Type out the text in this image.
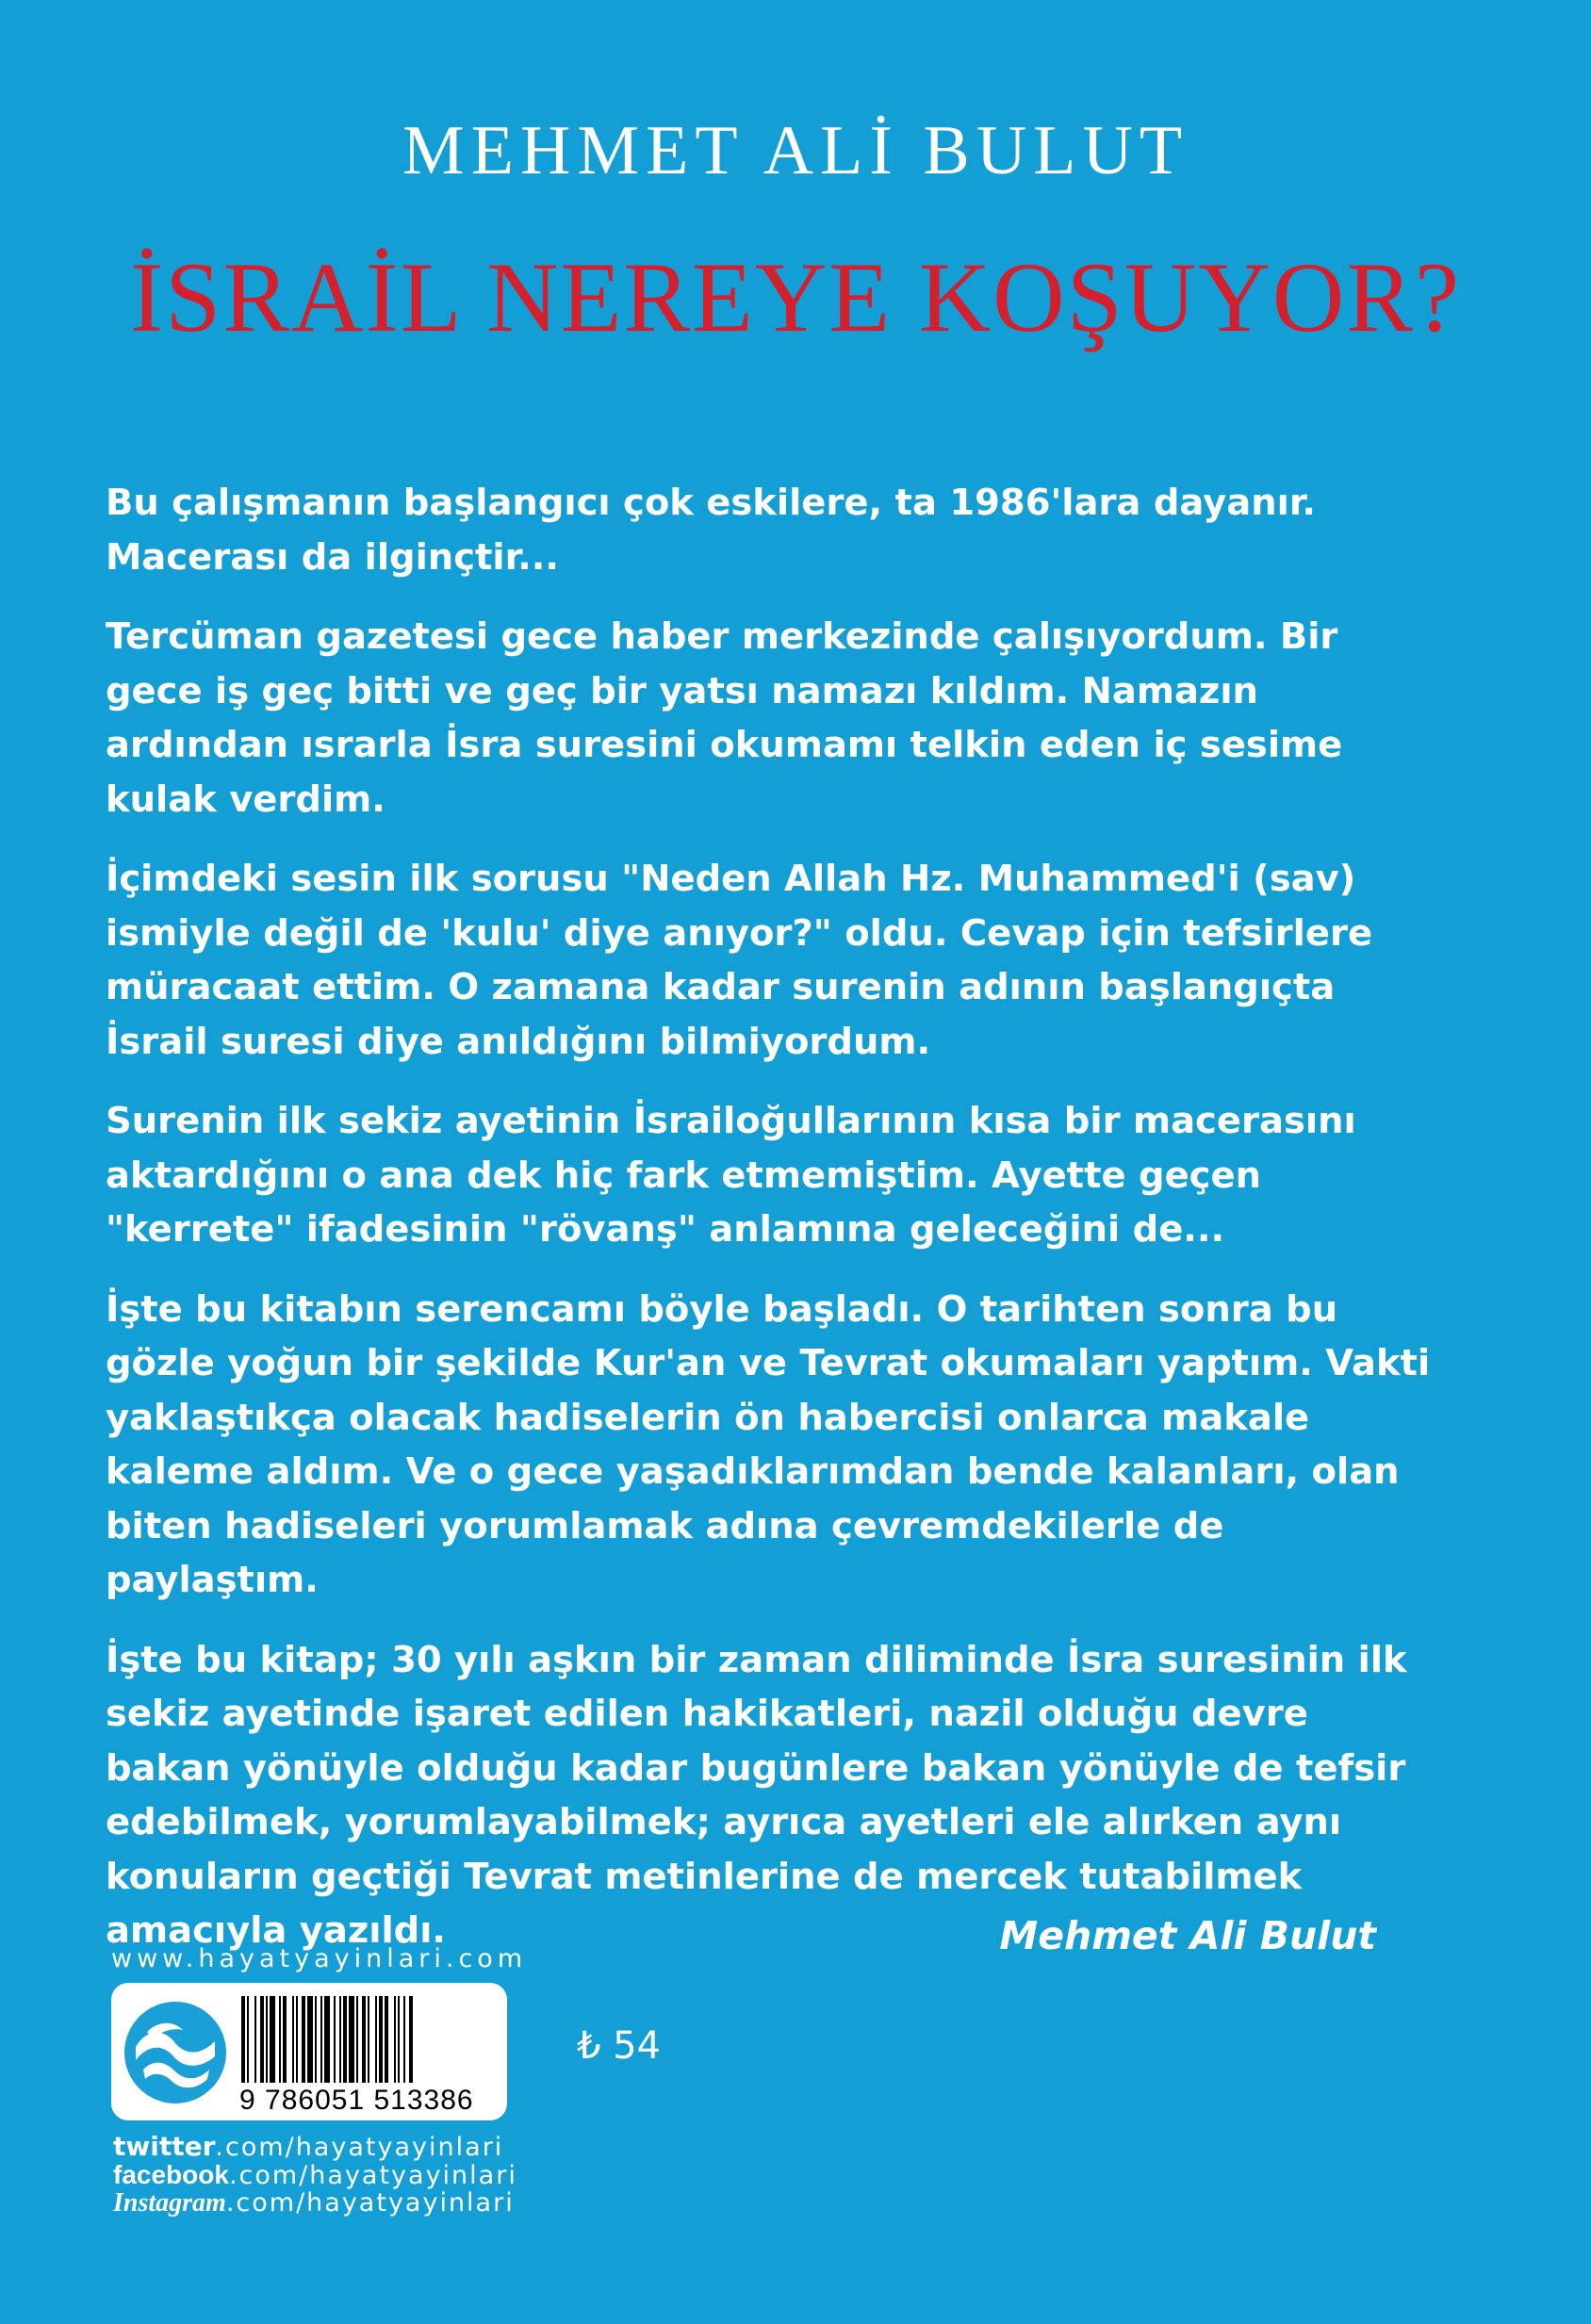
MEHMET ALİ BULUT
İSRAİL NEREYE KOŞUYOR?

Bu çalışmanın başlangıcı çok eskilere, ta 1986'lara dayanır. Macerası da ilginçtir...

Tercüman gazetesi gece haber merkezinde çalışıyordum. Bir gece iş geç bitti ve geç bir yatsı namazı kıldım. Namazın ardından ısrarla İsra suresini okumamı telkin eden iç sesime kulak verdim.

İçimdeki sesin ilk sorusu "Neden Allah Hz. Muhammed'i (sav) ismiyle değil de 'kulu' diye anıyor?" oldu. Cevap için tefsirlere müracaat ettim. O zamana kadar surenin adının başlangıçta İsrail suresi diye anıldığını bilmiyordum.

Surenin ilk sekiz ayetinin İsrailoğullarının kısa bir macerasını aktardığını o ana dek hiç fark etmemiştim. Ayette geçen "kerrete" ifadesinin "rövanş" anlamına geleceğini de...

İşte bu kitabın serencamı böyle başladı. O tarihten sonra bu gözle yoğun bir şekilde Kur'an ve Tevrat okumaları yaptım. Vakti yaklaştıkça olacak hadiselerin ön habercisi onlarca makale kaleme aldım. Ve o gece yaşadıklarımdan bende kalanları, olan biten hadiseleri yorumlamak adına çevremdekilerle de paylaştım.

İşte bu kitap; 30 yılı aşkın bir zaman diliminde İsra suresinin ilk sekiz ayetinde işaret edilen hakikatleri, nazil olduğu devre bakan yönüyle olduğu kadar bugünlere bakan yönüyle de tefsir edebilmek, yorumlayabilmek; ayrıca ayetleri ele alırken aynı konuların geçtiği Tevrat metinlerine de mercek tutabilmek amacıyla yazıldı.	Mehmet Ali Bulut
www.hayatyayinlari.com
9 786051 513386
₺ 54
twitter.com/hayatyayinlari
facebook.com/hayatyayinlari
Instagram.com/hayatyayinlari
